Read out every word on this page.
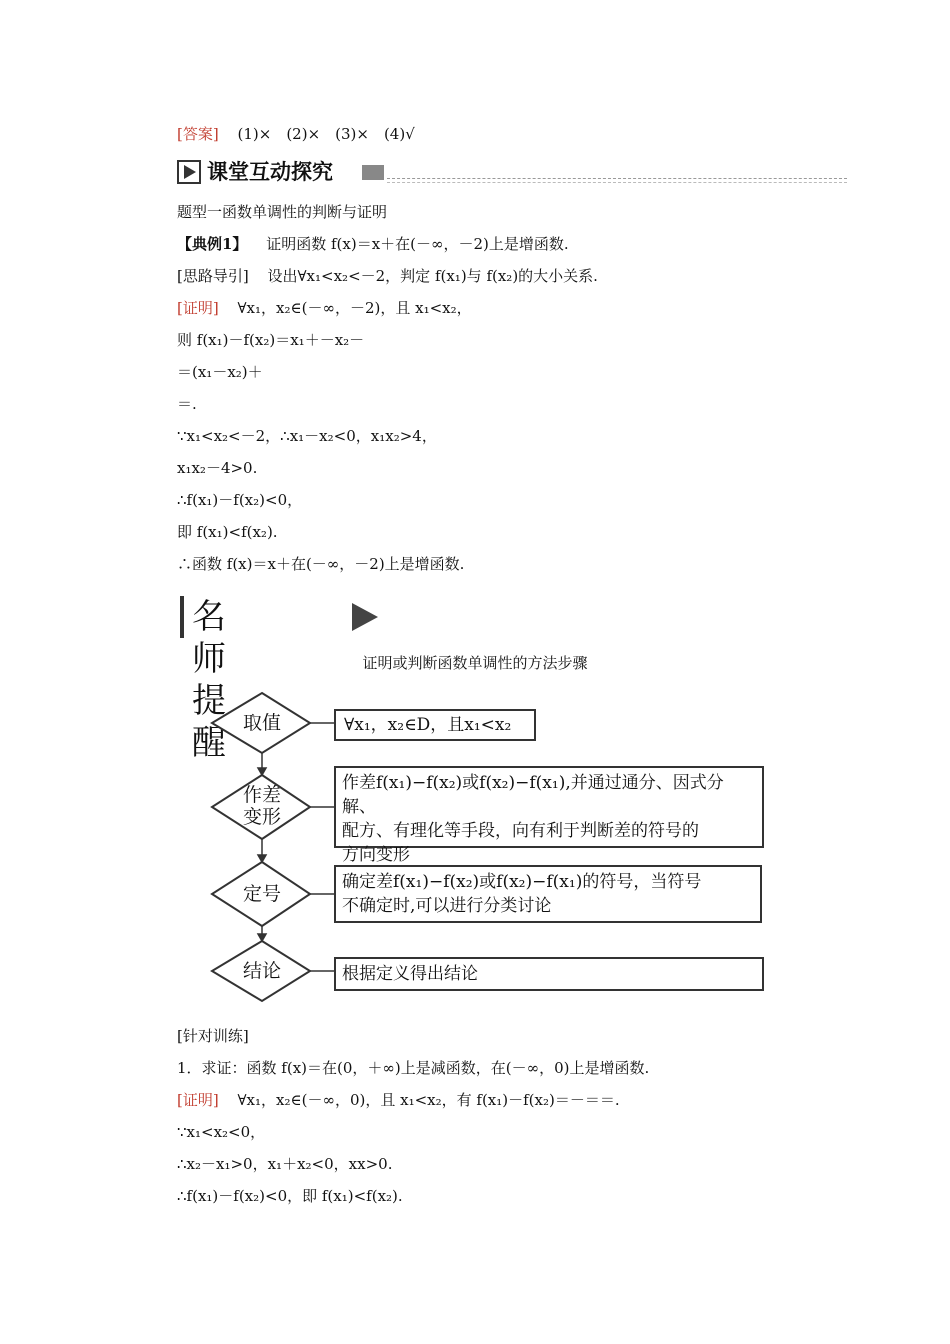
[答案] (1)×　(2)×　(3)×　(4)√
课堂互动探究
题型一函数单调性的判断与证明
【典例1】 证明函数 f(x)＝x＋在(－∞，－2)上是增函数.
[思路导引] 设出∀x₁<x₂<－2，判定 f(x₁)与 f(x₂)的大小关系.
[证明] ∀x₁，x₂∈(－∞，－2)，且 x₁<x₂，
则 f(x₁)－f(x₂)＝x₁＋－x₂－
＝(x₁－x₂)＋
＝.
∵x₁<x₂<－2，∴x₁－x₂<0，x₁x₂>4，
x₁x₂－4>0.
∴f(x₁)－f(x₂)<0，
即 f(x₁)<f(x₂).
∴函数 f(x)＝x＋在(－∞，－2)上是增函数.
名师提醒
证明或判断函数单调性的方法步骤
取值
作差
变形
定号
结论
∀x₁，x₂∈D，且x₁<x₂
作差f(x₁)−f(x₂)或f(x₂)−f(x₁),并通过通分、因式分解、
配方、有理化等手段，向有利于判断差的符号的
方向变形
确定差f(x₁)−f(x₂)或f(x₂)−f(x₁)的符号，当符号
不确定时,可以进行分类讨论
根据定义得出结论
[针对训练]
1．求证：函数 f(x)＝在(0，＋∞)上是减函数，在(－∞，0)上是增函数.
[证明] ∀x₁，x₂∈(－∞，0)，且 x₁<x₂，有 f(x₁)－f(x₂)＝－＝＝.
∵x₁<x₂<0，
∴x₂－x₁>0，x₁＋x₂<0，xx>0.
∴f(x₁)－f(x₂)<0，即 f(x₁)<f(x₂).
